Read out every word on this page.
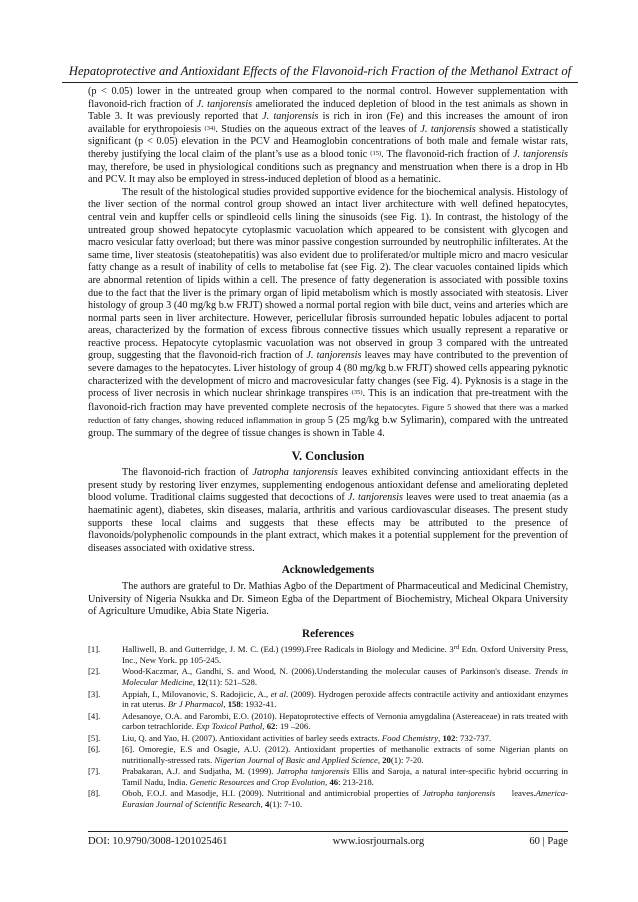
Hepatoprotective and Antioxidant Effects of the Flavonoid-rich Fraction of the Methanol Extract of

(p < 0.05) lower in the untreated group when compared to the normal control. However supplementation with flavonoid-rich fraction of J. tanjorensis ameliorated the induced depletion of blood in the test animals as shown in Table 3. It was previously reported that J. tanjorensis is rich in iron (Fe) and this increases the amount of iron available for erythropoiesis $^{(34)}$. Studies on the aqueous extract of the leaves of J. tanjorensis showed a statistically significant (p < 0.05) elevation in the PCV and Heamoglobin concentrations of both male and female wistar rats, thereby justifying the local claim of the plant’s use as a blood tonic $^{(15)}$. The flavonoid-rich fraction of J. tanjorensis may, therefore, be used in physiological conditions such as pregnancy and menstruation when there is a drop in Hb and PCV. It may also be employed in stress-induced depletion of blood as a hematinic.

The result of the histological studies provided supportive evidence for the biochemical analysis. Histology of the liver section of the normal control group showed an intact liver architecture with well defined hepatocytes, central vein and kupffer cells or spindleoid cells lining the sinusoids (see Fig. 1). In contrast, the histology of the untreated group showed hepatocyte cytoplasmic vacuolation which appeared to be consistent with glycogen and macro vesicular fatty overload; but there was minor passive congestion surrounded by neutrophilic infilterates. At the same time, liver steatosis (steatohepatitis) was also evident due to proliferated/or multiple micro and macro vesicular fatty change as a result of inability of cells to metabolise fat (see Fig. 2). The clear vacuoles contained lipids which are abnormal retention of lipids within a cell. The presence of fatty degeneration is associated with possible toxins due to the fact that the liver is the primary organ of lipid metabolism which is mostly associated with steatosis. Liver histology of group 3 (40 mg/kg b.w FRJT) showed a normal portal region with bile duct, veins and arteries which are normal parts seen in liver architecture. However, pericellular fibrosis surrounded hepatic lobules adjacent to portal areas, characterized by the formation of excess fibrous connective tissues which usually represent a reparative or reactive process. Hepatocyte cytoplasmic vacuolation was not observed in group 3 compared with the untreated group, suggesting that the flavonoid-rich fraction of J. tanjorensis leaves may have contributed to the prevention of severe damages to the hepatocytes. Liver histology of group 4 (80 mg/kg b.w FRJT) showed cells appearing pyknotic characterized with the development of micro and macrovesicular fatty changes (see Fig. 4). Pyknosis is a stage in the process of liver necrosis in which nuclear shrinkage transpires $^{(35)}$. This is an indication that pre-treatment with the flavonoid-rich fraction may have prevented complete necrosis of the hepatocytes. Figure 5 showed that there was a marked reduction of fatty changes, showing reduced inflammation in group 5 (25 mg/kg b.w Sylimarin), compared with the untreated group. The summary of the degree of tissue changes is shown in Table 4.

V. Conclusion

The flavonoid-rich fraction of Jatropha tanjorensis leaves exhibited convincing antioxidant effects in the present study by restoring liver enzymes, supplementing endogenous antioxidant defense and ameliorating depleted blood volume. Traditional claims suggested that decoctions of J. tanjorensis leaves were used to treat anaemia (as a haematinic agent), diabetes, skin diseases, malaria, arthritis and various cardiovascular diseases. The present study supports these local claims and suggests that these effects may be attributed to the presence of flavonoids/polyphenolic compounds in the plant extract, which makes it a potential supplement for the prevention of diseases associated with oxidative stress.

Acknowledgements

The authors are grateful to Dr. Mathias Agbo of the Department of Pharmaceutical and Medicinal Chemistry, University of Nigeria Nsukka and Dr. Simeon Egba of the Department of Biochemistry, Micheal Okpara University of Agriculture Umudike, Abia State Nigeria.

References
[1].	Halliwell, B. and Gutterridge, J. M. C. (Ed.) (1999).Free Radicals in Biology and Medicine. 3rd Edn. Oxford University Press, Inc., New York. pp 105-245.
[2].	Wood-Kaczmar, A., Gandhi, S. and Wood, N. (2006).Understanding the molecular causes of Parkinson's disease. Trends in Molecular Medicine, 12(11): 521–528.
[3].	Appiah, I., Milovanovic, S. Radojicic, A., et al. (2009). Hydrogen peroxide affects contractile activity and antioxidant enzymes in rat uterus. Br J Pharmacol, 158: 1932-41.
[4].	Adesanoye, O.A. and Farombi, E.O. (2010). Hepatoprotective effects of Vernonia amygdalina (Astereaceae) in rats treated with carbon tetrachloride. Exp Toxicol Pathol, 62: 19 –206.
[5].	Liu, Q. and Yao, H. (2007). Antioxidant activities of barley seeds extracts. Food Chemistry, 102: 732-737.
[6].	[6]. Omoregie, E.S and Osagie, A.U. (2012). Antioxidant properties of methanolic extracts of some Nigerian plants on nutritionally-stressed rats. Nigerian Journal of Basic and Applied Science, 20(1): 7-20.
[7].	Prabakaran, A.J. and Sudjatha, M. (1999). Jatropha tanjorensis Ellis and Saroja, a natural inter-specific hybrid occurring in Tamil Nadu, India. Genetic Resources and Crop Evolution, 46: 213-218.
[8].	Oboh, F.O.J. and Masodje, H.I. (2009). Nutritional and antimicrobial properties of Jatropha tanjorensis     leaves.America-Eurasian Journal of Scientific Research, 4(1): 7-10.
DOI: 10.9790/3008-1201025461	www.iosrjournals.org	60 | Page
